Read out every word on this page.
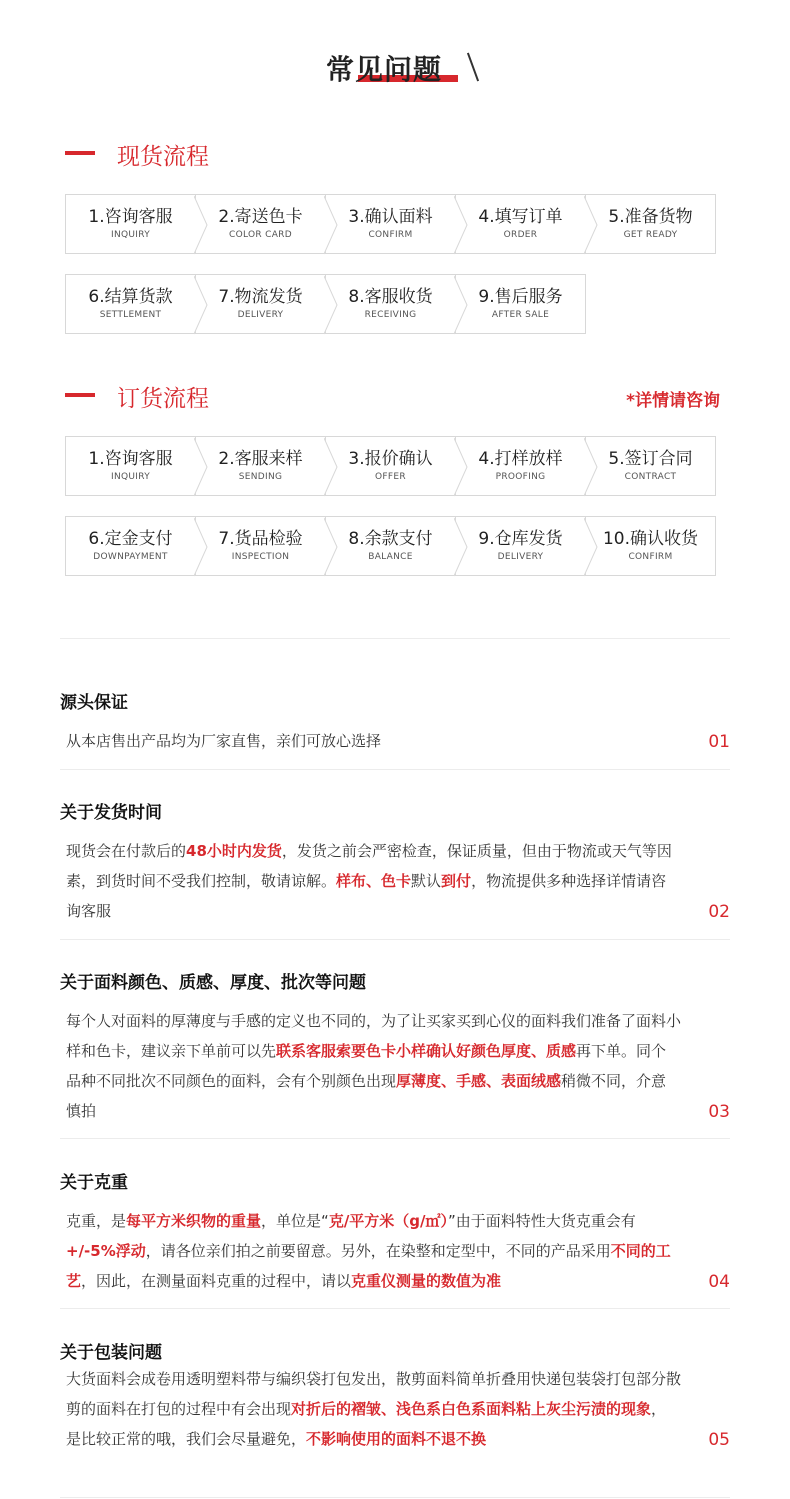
常见问题
现货流程
1.咨询客服
INQUIRY
2.寄送色卡
COLOR CARD
3.确认面料
CONFIRM
4.填写订单
ORDER
5.准备货物
GET READY
6.结算货款
SETTLEMENT
7.物流发货
DELIVERY
8.客服收货
RECEIVING
9.售后服务
AFTER SALE
订货流程	*详情请咨询
1.咨询客服
INQUIRY
2.客服来样
SENDING
3.报价确认
OFFER
4.打样放样
PROOFING
5.签订合同
CONTRACT
6.定金支付
DOWNPAYMENT
7.货品检验
INSPECTION
8.余款支付
BALANCE
9.仓库发货
DELIVERY
10.确认收货
CONFIRM
源头保证
从本店售出产品均为厂家直售，亲们可放心选择	01
关于发货时间
现货会在付款后的48小时内发货，发货之前会严密检查，保证质量，但由于物流或天气等因素，到货时间不受我们控制，敬请谅解。样布、色卡默认到付，物流提供多种选择详情请咨询客服	02
关于面料颜色、质感、厚度、批次等问题
每个人对面料的厚薄度与手感的定义也不同的，为了让买家买到心仪的面料我们准备了面料小样和色卡，建议亲下单前可以先联系客服索要色卡小样确认好颜色厚度、质感再下单。同个品种不同批次不同颜色的面料，会有个别颜色出现厚薄度、手感、表面绒感稍微不同，介意慎拍	03
关于克重
克重，是每平方米织物的重量，单位是“克/平方米（g/㎡）”由于面料特性大货克重会有+/-5%浮动，请各位亲们拍之前要留意。另外，在染整和定型中，不同的产品采用不同的工艺，因此，在测量面料克重的过程中，请以克重仪测量的数值为准	04
关于包装问题
大货面料会成卷用透明塑料带与编织袋打包发出，散剪面料简单折叠用快递包装袋打包部分散剪的面料在打包的过程中有会出现对折后的褶皱、浅色系白色系面料粘上灰尘污渍的现象，是比较正常的哦，我们会尽量避免，不影响使用的面料不退不换	05
